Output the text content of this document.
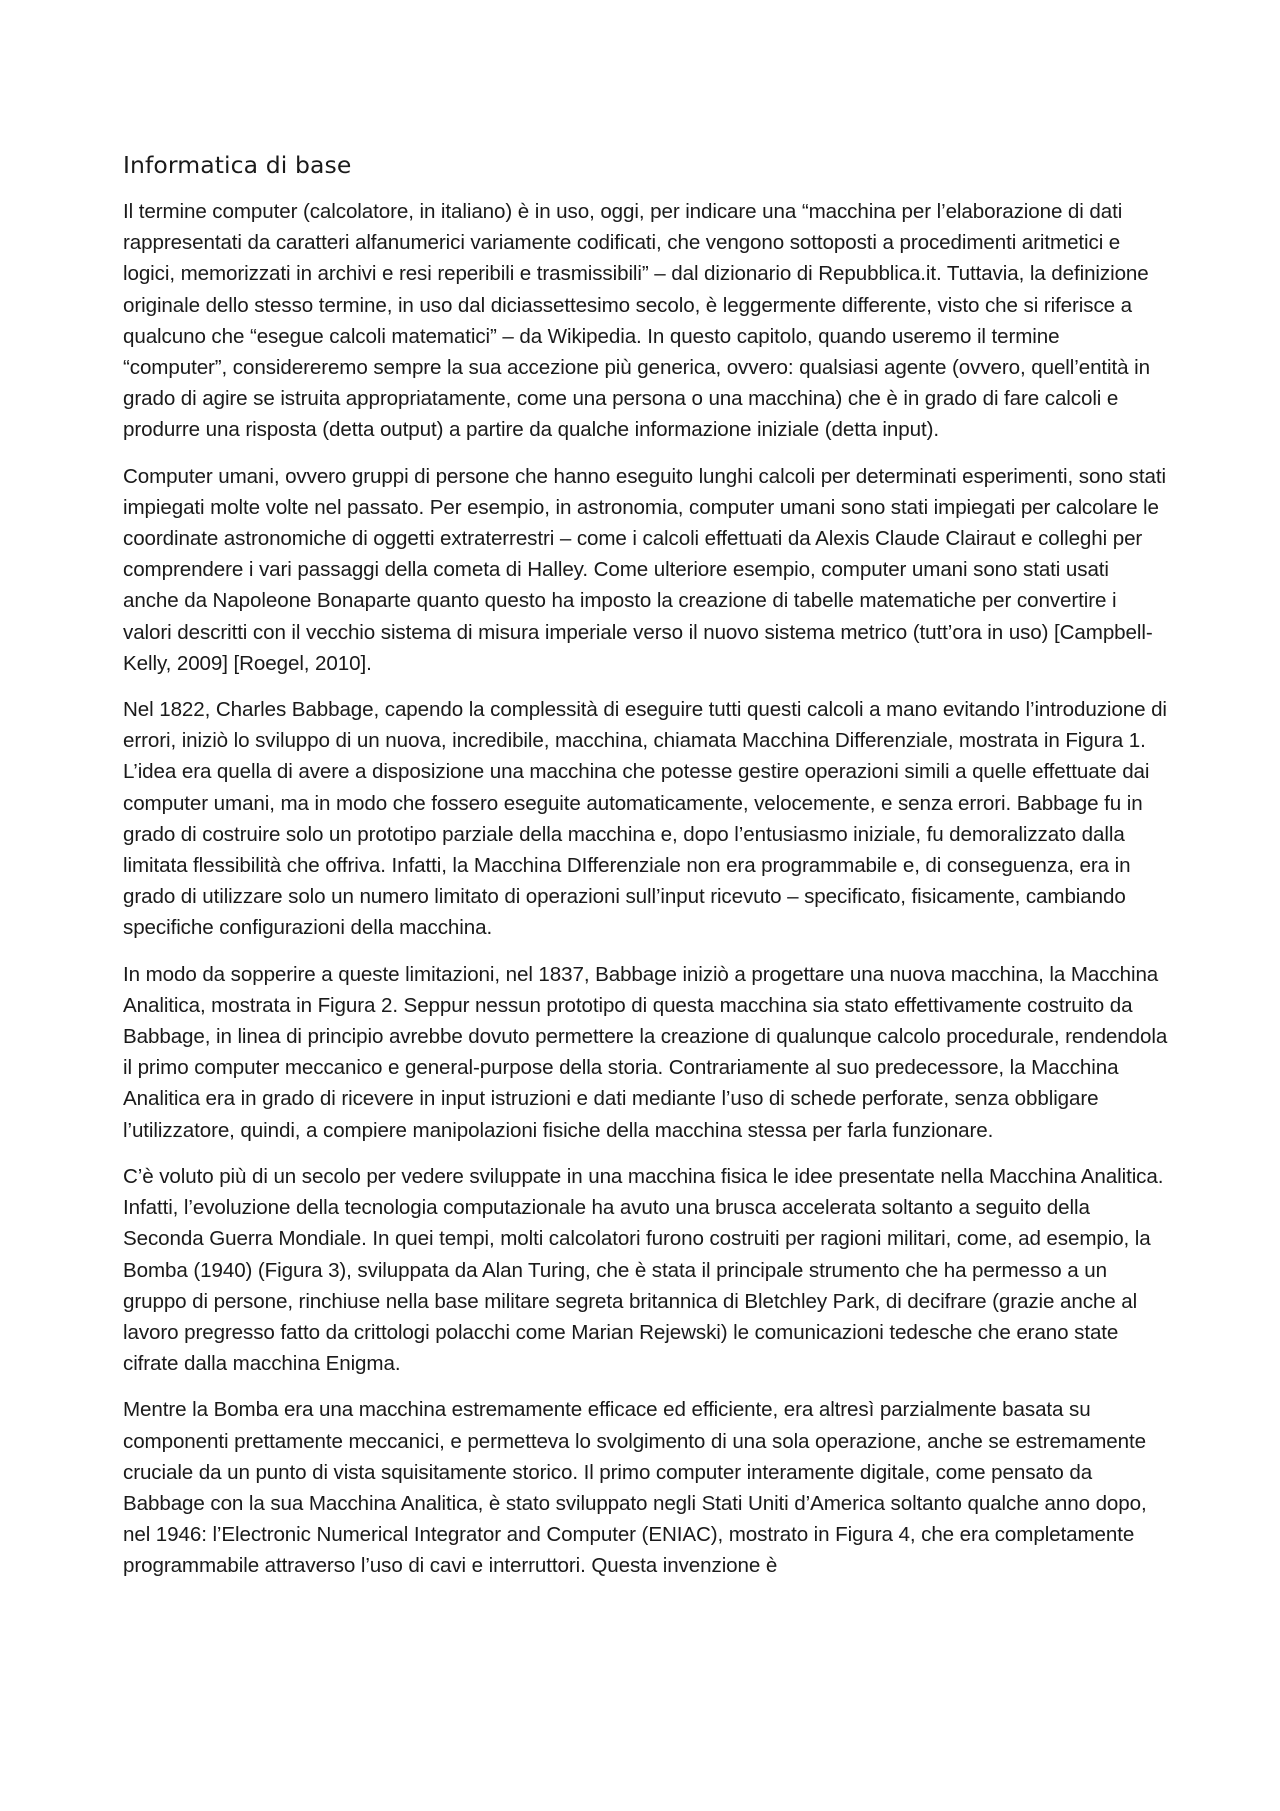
Informatica di base

Il termine computer (calcolatore, in italiano) è in uso, oggi, per indicare una “macchina per l’elaborazione di dati rappresentati da caratteri alfanumerici variamente codificati, che vengono sottoposti a procedimenti aritmetici e logici, memorizzati in archivi e resi reperibili e trasmissibili” – dal dizionario di Repubblica.it. Tuttavia, la definizione originale dello stesso termine, in uso dal diciassettesimo secolo, è leggermente differente, visto che si riferisce a qualcuno che “esegue calcoli matematici” – da Wikipedia. In questo capitolo, quando useremo il termine “computer”, considereremo sempre la sua accezione più generica, ovvero: qualsiasi agente (ovvero, quell’entità in grado di agire se istruita appropriatamente, come una persona o una macchina) che è in grado di fare calcoli e produrre una risposta (detta output) a partire da qualche informazione iniziale (detta input).

Computer umani, ovvero gruppi di persone che hanno eseguito lunghi calcoli per determinati esperimenti, sono stati impiegati molte volte nel passato. Per esempio, in astronomia, computer umani sono stati impiegati per calcolare le coordinate astronomiche di oggetti extraterrestri – come i calcoli effettuati da Alexis Claude Clairaut e colleghi per comprendere i vari passaggi della cometa di Halley. Come ulteriore esempio, computer umani sono stati usati anche da Napoleone Bonaparte quanto questo ha imposto la creazione di tabelle matematiche per convertire i valori descritti con il vecchio sistema di misura imperiale verso il nuovo sistema metrico (tutt’ora in uso) [Campbell-Kelly, 2009] [Roegel, 2010].

Nel 1822, Charles Babbage, capendo la complessità di eseguire tutti questi calcoli a mano evitando l’introduzione di errori, iniziò lo sviluppo di un nuova, incredibile, macchina, chiamata Macchina Differenziale, mostrata in Figura 1. L’idea era quella di avere a disposizione una macchina che potesse gestire operazioni simili a quelle effettuate dai computer umani, ma in modo che fossero eseguite automaticamente, velocemente, e senza errori. Babbage fu in grado di costruire solo un prototipo parziale della macchina e, dopo l’entusiasmo iniziale, fu demoralizzato dalla limitata flessibilità che offriva. Infatti, la Macchina DIfferenziale non era programmabile e, di conseguenza, era in grado di utilizzare solo un numero limitato di operazioni sull’input ricevuto – specificato, fisicamente, cambiando specifiche configurazioni della macchina.

In modo da sopperire a queste limitazioni, nel 1837, Babbage iniziò a progettare una nuova macchina, la Macchina Analitica, mostrata in Figura 2. Seppur nessun prototipo di questa macchina sia stato effettivamente costruito da Babbage, in linea di principio avrebbe dovuto permettere la creazione di qualunque calcolo procedurale, rendendola il primo computer meccanico e general-purpose della storia. Contrariamente al suo predecessore, la Macchina Analitica era in grado di ricevere in input istruzioni e dati mediante l’uso di schede perforate, senza obbligare l’utilizzatore, quindi, a compiere manipolazioni fisiche della macchina stessa per farla funzionare.

C’è voluto più di un secolo per vedere sviluppate in una macchina fisica le idee presentate nella Macchina Analitica. Infatti, l’evoluzione della tecnologia computazionale ha avuto una brusca accelerata soltanto a seguito della Seconda Guerra Mondiale. In quei tempi, molti calcolatori furono costruiti per ragioni militari, come, ad esempio, la Bomba (1940) (Figura 3), sviluppata da Alan Turing, che è stata il principale strumento che ha permesso a un gruppo di persone, rinchiuse nella base militare segreta britannica di Bletchley Park, di decifrare (grazie anche al lavoro pregresso fatto da crittologi polacchi come Marian Rejewski) le comunicazioni tedesche che erano state cifrate dalla macchina Enigma.

Mentre la Bomba era una macchina estremamente efficace ed efficiente, era altresì parzialmente basata su componenti prettamente meccanici, e permetteva lo svolgimento di una sola operazione, anche se estremamente cruciale da un punto di vista squisitamente storico. Il primo computer interamente digitale, come pensato da Babbage con la sua Macchina Analitica, è stato sviluppato negli Stati Uniti d’America soltanto qualche anno dopo, nel 1946: l’Electronic Numerical Integrator and Computer (ENIAC), mostrato in Figura 4, che era completamente programmabile attraverso l’uso di cavi e interruttori. Questa invenzione è
